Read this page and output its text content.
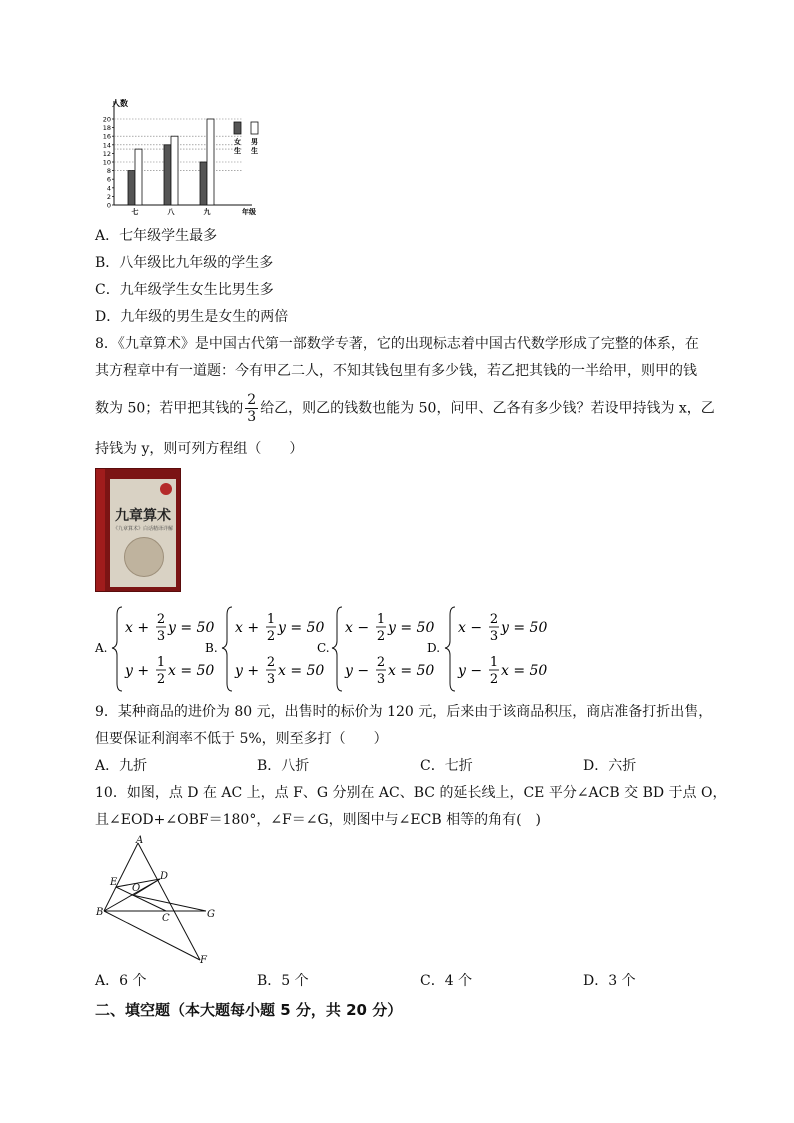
人数
0
2
4
6
8
10
12
14
16
18
20
七	八	九	年级
女
生
男
生
A．七年级学生最多
B．八年级比九年级的学生多
C．九年级学生女生比男生多
D．九年级的男生是女生的两倍
8．《九章算术》是中国古代第一部数学专著，它的出现标志着中国古代数学形成了完整的体系，在
其方程章中有一道题：今有甲乙二人，不知其钱包里有多少钱，若乙把其钱的一半给甲，则甲的钱
数为 50；若甲把其钱的 $\frac{2}{3}$ 给乙，则乙的钱数也能为 50，问甲、乙各有多少钱？若设甲持钱为 x，乙
持钱为 y，则可列方程组（　　）
九章算术
《九章算术》白话精译详解
A.
x +
2
3
y = 50
y +
1
2
x = 50
B.
x +
1
2
y = 50
y +
2
3
x = 50
C.
x −
1
2
y = 50
y −
2
3
x = 50
D.
x −
2
3
y = 50
y −
1
2
x = 50
9．某种商品的进价为 80 元，出售时的标价为 120 元，后来由于该商品积压，商店准备打折出售，
但要保证利润率不低于 5%，则至多打（　　）
A．九折	B．八折	C．七折	D．六折
10．如图，点 D 在 AC 上，点 F、G 分别在 AC、BC 的延长线上，CE 平分∠ACB 交 BD 于点 O，
且∠EOD+∠OBF＝180°，∠F＝∠G，则图中与∠ECB 相等的角有(　)
A
E
O
D
B
C	G
F
A．6 个	B．5 个	C．4 个	D．3 个
二、填空题（本大题每小题 5 分，共 20 分）
